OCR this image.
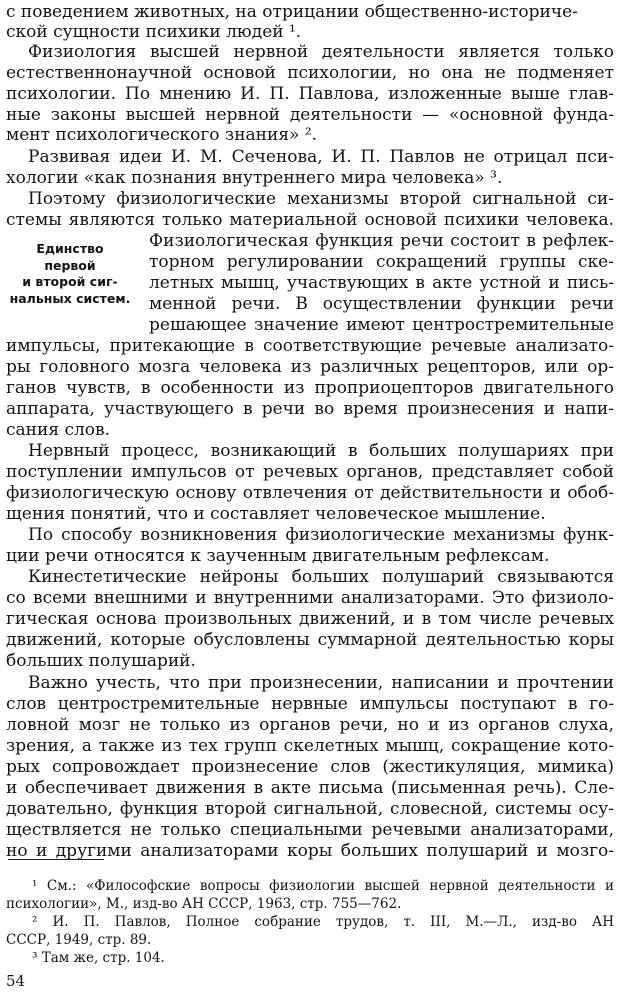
с поведением животных, на отрицании общественно-историче-
ской сущности психики людей ¹.
Физиология высшей нервной деятельности является только
естественнонаучной основой психологии, но она не подменяет
психологии. По мнению И. П. Павлова, изложенные выше глав-
ные законы высшей нервной деятельности — «основной фунда-
мент психологического знания» ².
Развивая идеи И. М. Сеченова, И. П. Павлов не отрицал пси-
хологии «как познания внутреннего мира человека» ³.
Поэтому физиологические механизмы второй сигнальной си-
стемы являются только материальной основой психики человека.
Единство
первой
и второй сиг-
нальных систем.
Физиологическая функция речи состоит в рефлек-
торном регулировании сокращений группы ске-
летных мышц, участвующих в акте устной и пись-
менной речи. В осуществлении функции речи
решающее значение имеют центростремительные
импульсы, притекающие в соответствующие речевые анализато-
ры головного мозга человека из различных рецепторов, или ор-
ганов чувств, в особенности из проприоцепторов двигательного
аппарата, участвующего в речи во время произнесения и напи-
сания слов.
Нервный процесс, возникающий в больших полушариях при
поступлении импульсов от речевых органов, представляет собой
физиологическую основу отвлечения от действительности и обоб-
щения понятий, что и составляет человеческое мышление.
По способу возникновения физиологические механизмы функ-
ции речи относятся к заученным двигательным рефлексам.
Кинестетические нейроны больших полушарий связываются
со всеми внешними и внутренними анализаторами. Это физиоло-
гическая основа произвольных движений, и в том числе речевых
движений, которые обусловлены суммарной деятельностью коры
больших полушарий.
Важно учесть, что при произнесении, написании и прочтении
слов центростремительные нервные импульсы поступают в го-
ловной мозг не только из органов речи, но и из органов слуха,
зрения, а также из тех групп скелетных мышц, сокращение кото-
рых сопровождает произнесение слов (жестикуляция, мимика)
и обеспечивает движения в акте письма (письменная речь). Сле-
довательно, функция второй сигнальной, словесной, системы осу-
ществляется не только специальными речевыми анализаторами,
но и другими анализаторами коры больших полушарий и мозго-
¹ См.: «Философские вопросы физиологии высшей нервной деятельности и
психологии», М., изд-во АН СССР, 1963, стр. 755—762.
² И. П. Павлов, Полное собрание трудов, т. III, М.—Л., изд-во АН
СССР, 1949, стр. 89.
³ Там же, стр. 104.
54
